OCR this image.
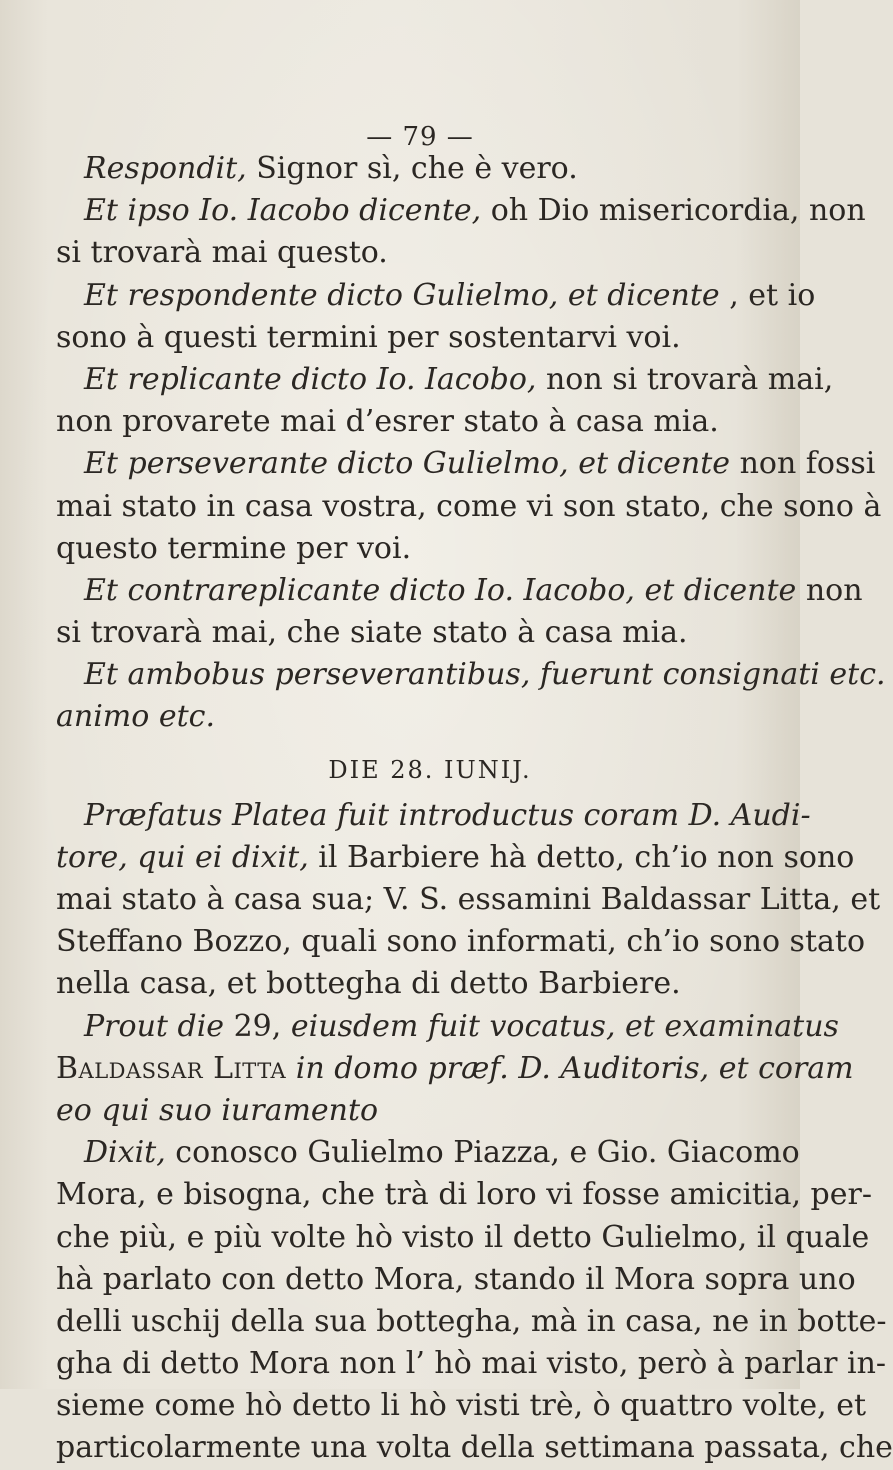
— 79 —
Respondit, Signor sì, che è vero.
Et ipso Io. Iacobo dicente, oh Dio misericordia, non
si trovarà mai questo.
Et respondente dicto Gulielmo, et dicente , et io
sono à questi termini per sostentarvi voi.
Et replicante dicto Io. Iacobo, non si trovarà mai,
non provarete mai d’esrer stato à casa mia.
Et perseverante dicto Gulielmo, et dicente non fossi
mai stato in casa vostra, come vi son stato, che sono à
questo termine per voi.
Et contrareplicante dicto Io. Iacobo, et dicente non
si trovarà mai, che siate stato à casa mia.
Et ambobus perseverantibus, fuerunt consignati etc.
animo etc.
DIE 28. IUNIJ.
Præfatus Platea fuit introductus coram D. Audi-
tore, qui ei dixit, il Barbiere hà detto, ch’io non sono
mai stato à casa sua; V. S. essamini Baldassar Litta, et
Steffano Bozzo, quali sono informati, ch’io sono stato
nella casa, et bottegha di detto Barbiere.
Prout die 29, eiusdem fuit vocatus, et examinatus
Baldassar Litta in domo præf. D. Auditoris, et coram
eo qui suo iuramento
Dixit, conosco Gulielmo Piazza, e Gio. Giacomo
Mora, e bisogna, che trà di loro vi fosse amicitia, per-
che più, e più volte hò visto il detto Gulielmo, il quale
hà parlato con detto Mora, stando il Mora sopra uno
delli uschij della sua bottegha, mà in casa, ne in botte-
gha di detto Mora non l’ hò mai visto, però à parlar in-
sieme come hò detto li hò visti trè, ò quattro volte, et
particolarmente una volta della settimana passata, che
